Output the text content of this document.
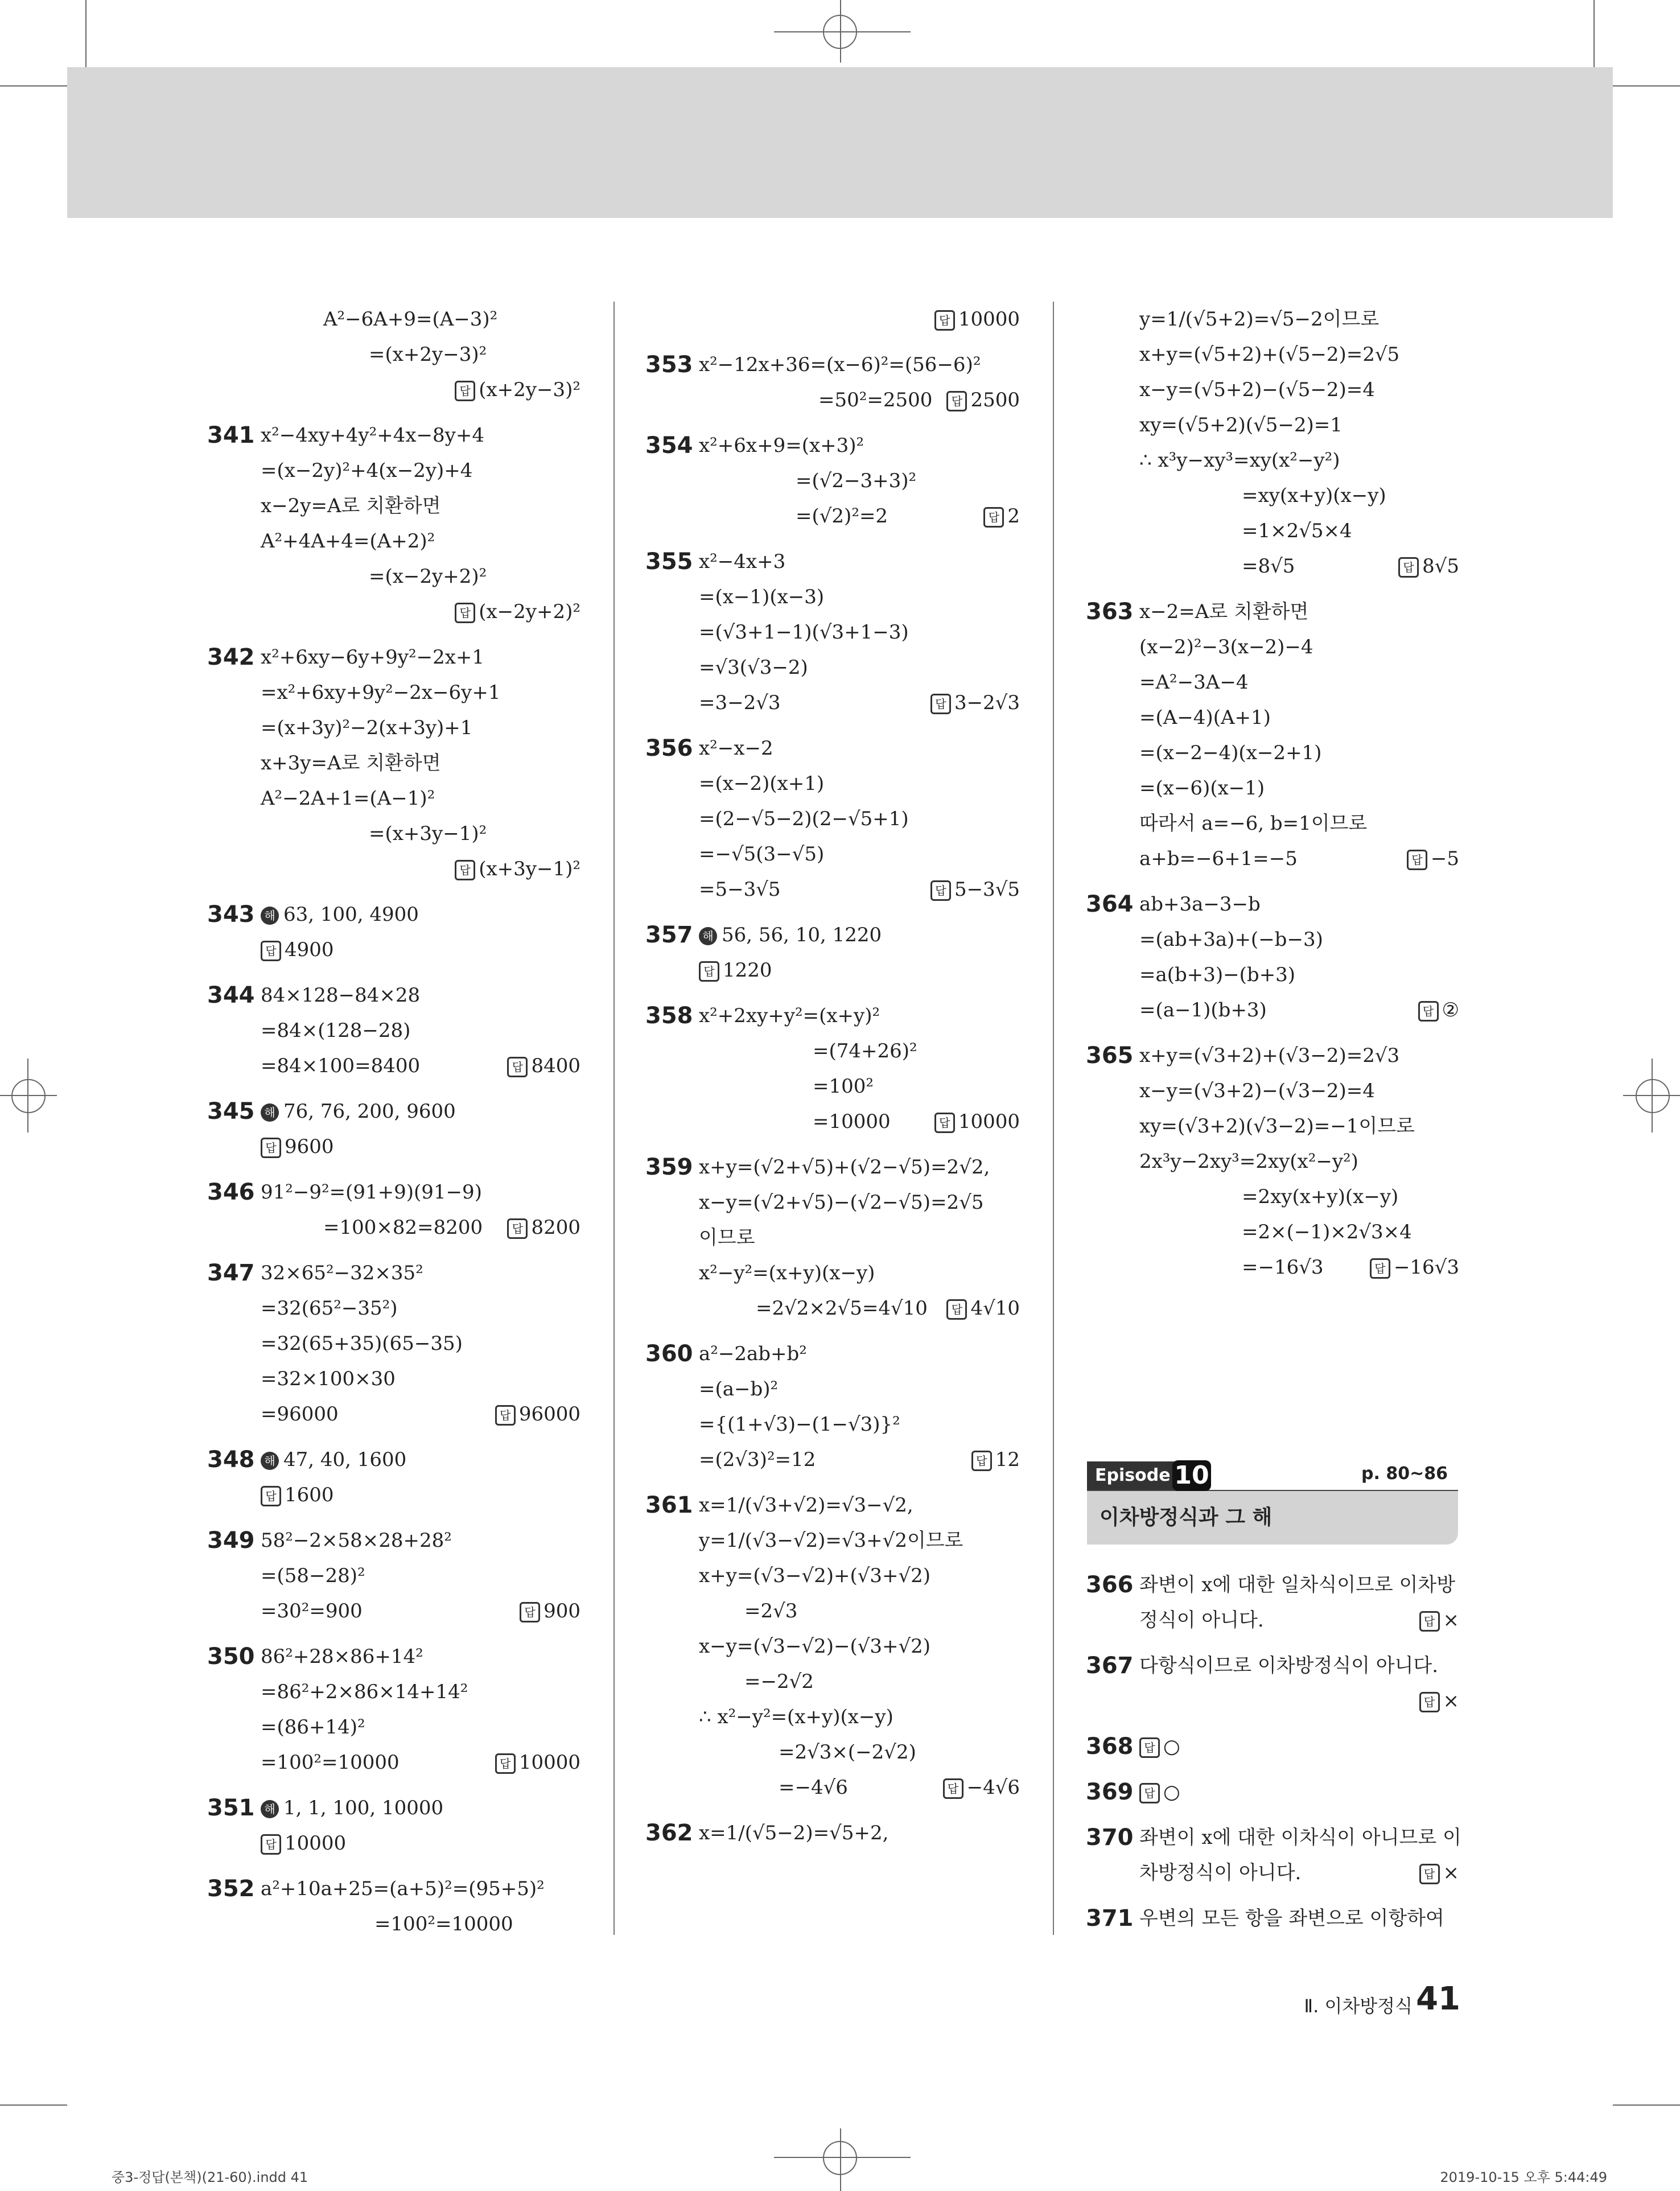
A²−6A+9=(A−3)²
=(x+2y−3)²
답 (x+2y−3)²
341 x²−4xy+4y²+4x−8y+4
=(x−2y)²+4(x−2y)+4
x−2y=A로 치환하면
A²+4A+4=(A+2)²
=(x−2y+2)²
답 (x−2y+2)²
342 x²+6xy−6y+9y²−2x+1
=x²+6xy+9y²−2x−6y+1
=(x+3y)²−2(x+3y)+1
x+3y=A로 치환하면
A²−2A+1=(A−1)²
=(x+3y−1)²
답 (x+3y−1)²
343 해 63, 100, 4900
답 4900
344 84×128−84×28
=84×(128−28)
=84×100=8400	답 8400
345 해 76, 76, 200, 9600
답 9600
346 91²−9²=(91+9)(91−9)
=100×82=8200	답 8200
347 32×65²−32×35²
=32(65²−35²)
=32(65+35)(65−35)
=32×100×30
=96000	답 96000
348 해 47, 40, 1600
답 1600
349 58²−2×58×28+28²
=(58−28)²
=30²=900	답 900
350 86²+28×86+14²
=86²+2×86×14+14²
=(86+14)²
=100²=10000	답 10000
351 해 1, 1, 100, 10000
답 10000
352 a²+10a+25=(a+5)²=(95+5)²
=100²=10000
답 10000
353 x²−12x+36=(x−6)²=(56−6)²
=50²=2500	답 2500
354 x²+6x+9=(x+3)²
=(√2−3+3)²
=(√2)²=2	답 2
355 x²−4x+3
=(x−1)(x−3)
=(√3+1−1)(√3+1−3)
=√3(√3−2)
=3−2√3	답 3−2√3
356 x²−x−2
=(x−2)(x+1)
=(2−√5−2)(2−√5+1)
=−√5(3−√5)
=5−3√5	답 5−3√5
357 해 56, 56, 10, 1220
답 1220
358 x²+2xy+y²=(x+y)²
=(74+26)²
=100²
=10000	답 10000
359 x+y=(√2+√5)+(√2−√5)=2√2,
x−y=(√2+√5)−(√2−√5)=2√5
이므로
x²−y²=(x+y)(x−y)
=2√2×2√5=4√10	답 4√10
360 a²−2ab+b²
=(a−b)²
={(1+√3)−(1−√3)}²
=(2√3)²=12	답 12
361 x=1/(√3+√2)=√3−√2,
y=1/(√3−√2)=√3+√2이므로
x+y=(√3−√2)+(√3+√2)
=2√3
x−y=(√3−√2)−(√3+√2)
=−2√2
∴ x²−y²=(x+y)(x−y)
=2√3×(−2√2)
=−4√6	답 −4√6
362 x=1/(√5−2)=√5+2,
y=1/(√5+2)=√5−2이므로
x+y=(√5+2)+(√5−2)=2√5
x−y=(√5+2)−(√5−2)=4
xy=(√5+2)(√5−2)=1
∴ x³y−xy³=xy(x²−y²)
=xy(x+y)(x−y)
=1×2√5×4
=8√5	답 8√5
363 x−2=A로 치환하면
(x−2)²−3(x−2)−4
=A²−3A−4
=(A−4)(A+1)
=(x−2−4)(x−2+1)
=(x−6)(x−1)
따라서 a=−6, b=1이므로
a+b=−6+1=−5	답 −5
364 ab+3a−3−b
=(ab+3a)+(−b−3)
=a(b+3)−(b+3)
=(a−1)(b+3)	답 ②
365 x+y=(√3+2)+(√3−2)=2√3
x−y=(√3+2)−(√3−2)=4
xy=(√3+2)(√3−2)=−1이므로
2x³y−2xy³=2xy(x²−y²)
=2xy(x+y)(x−y)
=2×(−1)×2√3×4
=−16√3	답 −16√3
Episode 10	p. 80~86
이차방정식과 그 해
366 좌변이 x에 대한 일차식이므로 이차방
정식이 아니다.	답 ×
367 다항식이므로 이차방정식이 아니다.
답 ×
368 답 ○
369 답 ○
370 좌변이 x에 대한 이차식이 아니므로 이
차방정식이 아니다.	답 ×
371 우변의 모든 항을 좌변으로 이항하여
Ⅱ. 이차방정식 41
중3-정답(본책)(21-60).indd 41	2019-10-15 오후 5:44:49
